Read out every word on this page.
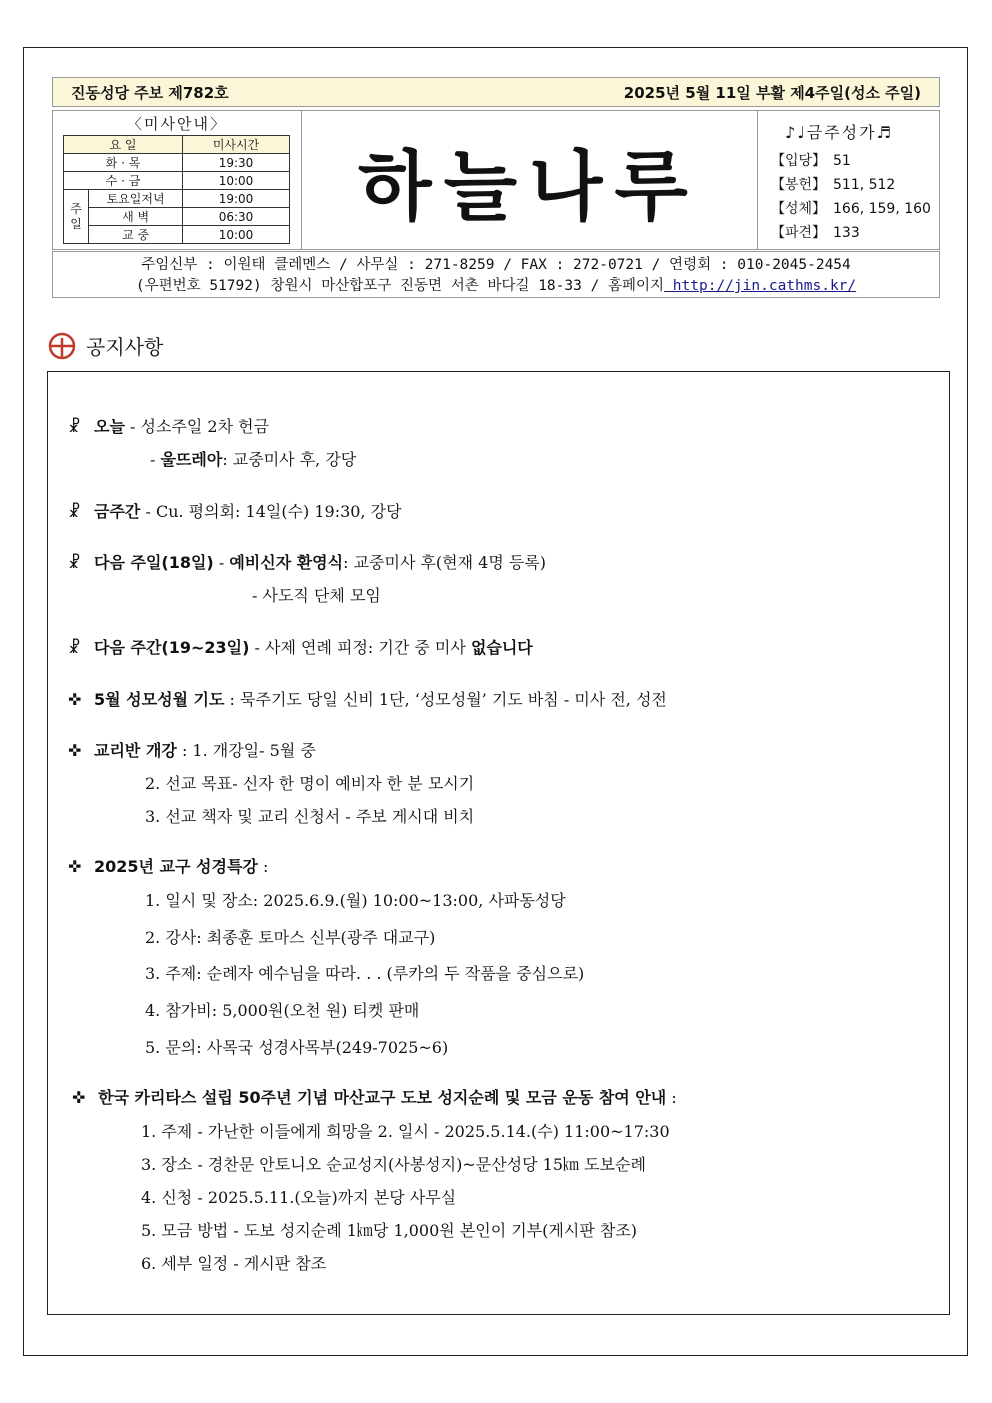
진동성당 주보 제782호	2025년 5월 11일 부활 제4주일(성소 주일)
〈미사안내〉
요 일		미사시간
화 · 목		19:30
수 · 금		10:00
주일	토요일저녁	19:00
	새 벽	06:30
	교 중	10:00
하늘나루
♪♩금주성가♬
【입당】 51
【봉헌】 511, 512
【성체】 166, 159, 160
【파견】 133
주임신부 : 이원태 클레멘스 / 사무실 : 271-8259 / FAX : 272-0721 / 연령회 : 010-2045-2454
(우편번호 51792) 창원시 마산합포구 진동면 서촌 바다길 18-33 / 홈페이지 http://jin.cathms.kr/
공지사항
☧ 오늘 - 성소주일 2차 헌금
- 울뜨레아: 교중미사 후, 강당
☧ 금주간 - Cu. 평의회: 14일(수) 19:30, 강당
☧ 다음 주일(18일) - 예비신자 환영식: 교중미사 후(현재 4명 등록)
- 사도직 단체 모임
☧ 다음 주간(19~23일) - 사제 연례 피정: 기간 중 미사 없습니다
✜ 5월 성모성월 기도 : 묵주기도 당일 신비 1단, ‘성모성월’ 기도 바침 - 미사 전, 성전
✜ 교리반 개강 : 1. 개강일- 5월 중
2. 선교 목표- 신자 한 명이 예비자 한 분 모시기
3. 선교 책자 및 교리 신청서 - 주보 게시대 비치
✜ 2025년 교구 성경특강 :
1. 일시 및 장소: 2025.6.9.(월) 10:00~13:00, 사파동성당
2. 강사: 최종훈 토마스 신부(광주 대교구)
3. 주제: 순례자 예수님을 따라. . . (루카의 두 작품을 중심으로)
4. 참가비: 5,000원(오천 원) 티켓 판매
5. 문의: 사목국 성경사목부(249-7025~6)
✜ 한국 카리타스 설립 50주년 기념 마산교구 도보 성지순례 및 모금 운동 참여 안내 :
1. 주제 - 가난한 이들에게 희망을 2. 일시 - 2025.5.14.(수) 11:00~17:30
3. 장소 - 경찬문 안토니오 순교성지(사봉성지)~문산성당 15㎞ 도보순례
4. 신청 - 2025.5.11.(오늘)까지 본당 사무실
5. 모금 방법 - 도보 성지순례 1㎞당 1,000원 본인이 기부(게시판 참조)
6. 세부 일정 - 게시판 참조
